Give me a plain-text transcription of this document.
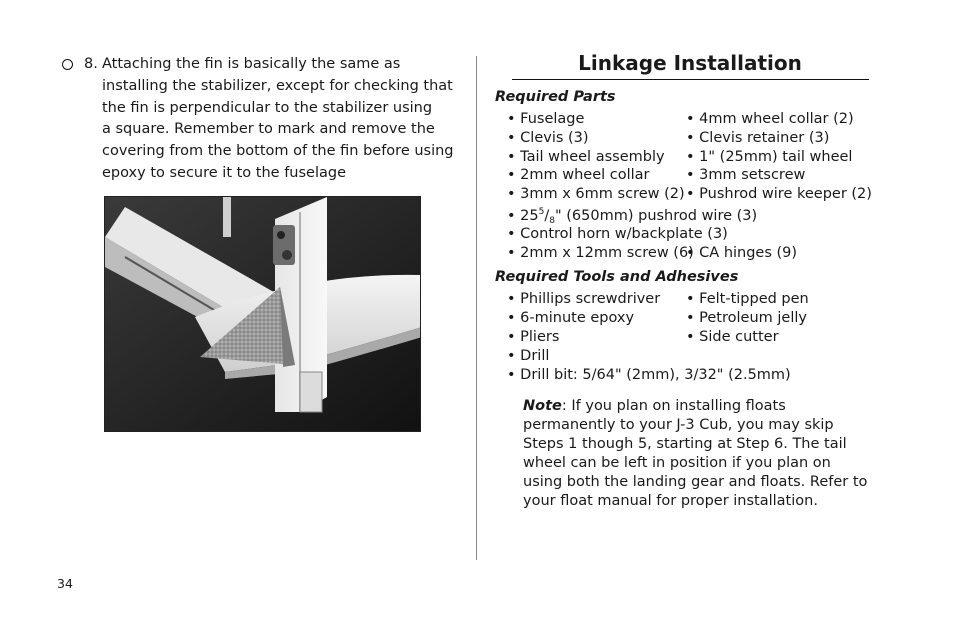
8. Attaching the fin is basically the same as
installing the stabilizer, except for checking that
the fin is perpendicular to the stabilizer using
a square. Remember to mark and remove the
covering from the bottom of the fin before using
epoxy to secure it to the fuselage
Linkage Installation
Required Parts
• Fuselage
• Clevis (3)
• Tail wheel assembly
• 2mm wheel collar
• 3mm x 6mm screw (2)
• 4mm wheel collar (2)
• Clevis retainer (3)
• 1" (25mm) tail wheel
• 3mm setscrew
• Pushrod wire keeper (2)
• $25^5/_8$" (650mm) pushrod wire (3)
• Control horn w/backplate (3)
• 2mm x 12mm screw (6)
• CA hinges (9)
Required Tools and Adhesives
• Phillips screwdriver
• 6-minute epoxy
• Pliers
• Felt-tipped pen
• Petroleum jelly
• Side cutter
• Drill
• Drill bit: 5/64" (2mm), 3/32" (2.5mm)
Note: If you plan on installing floats
permanently to your J-3 Cub, you may skip
Steps 1 though 5, starting at Step 6. The tail
wheel can be left in position if you plan on
using both the landing gear and floats. Refer to
your float manual for proper installation.
34
